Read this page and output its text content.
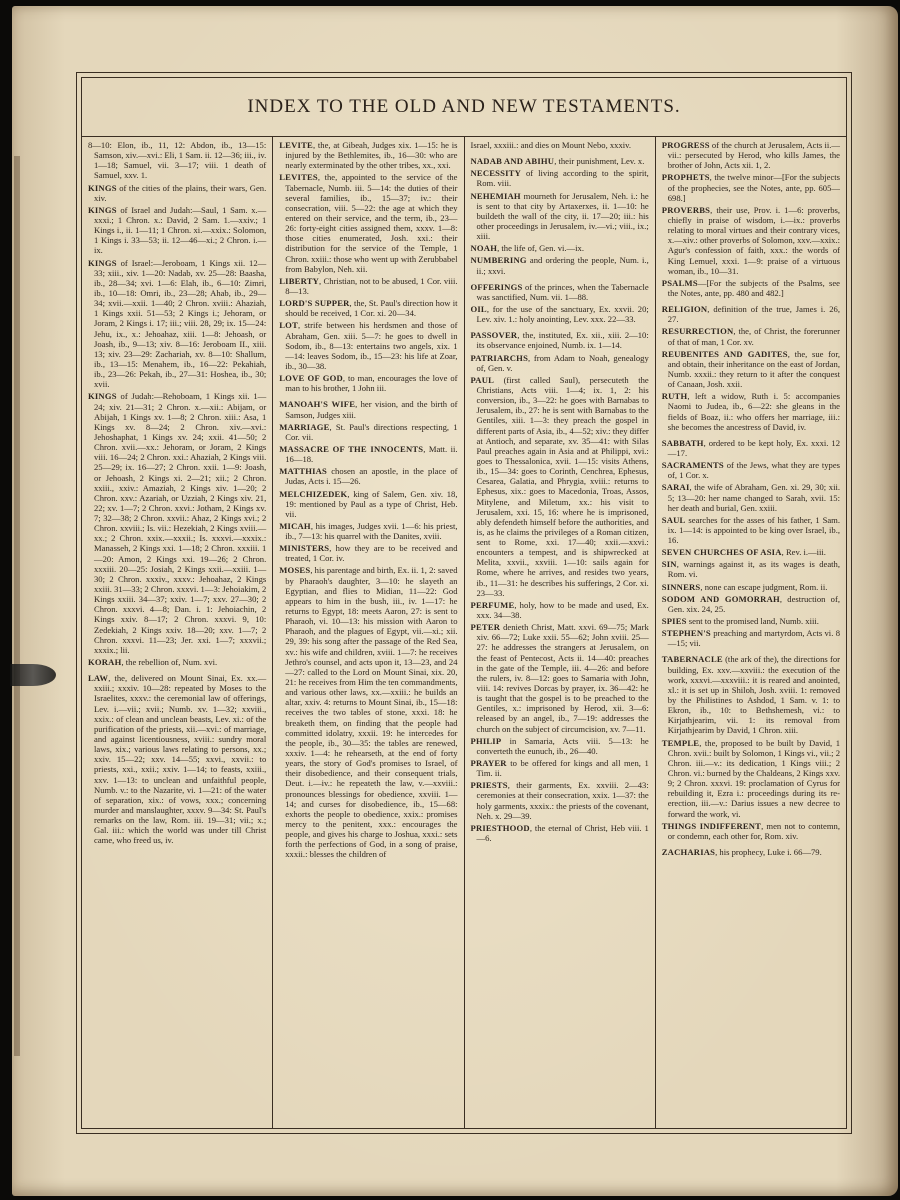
INDEX TO THE OLD AND NEW TESTAMENTS.

8—10: Elon, ib., 11, 12: Abdon, ib., 13—15: Samson, xiv.—xvi.: Eli, 1 Sam. ii. 12—36; iii., iv. 1—18; Samuel, vii. 3—17; viii. 1 death of Samuel, xxv. 1.

KINGS of the cities of the plains, their wars, Gen. xiv.

KINGS of Israel and Judah:—Saul, 1 Sam. x.—xxxi.; 1 Chron. x.: David, 2 Sam. 1.—xxiv.; 1 Kings i., ii. 1—11; 1 Chron. xi.—xxix.: Solomon, 1 Kings i. 33—53; ii. 12—46—xi.; 2 Chron. i.—ix.

KINGS of Israel:—Jeroboam, 1 Kings xii. 12—33; xiii., xiv. 1—20: Nadab, xv. 25—28: Baasha, ib., 28—34; xvi. 1—6: Elah, ib., 6—10: Zimri, ib., 10—18: Omri, ib., 23—28; Ahab, ib., 29—34; xvii.—xxii. 1—40; 2 Chron. xviii.: Ahaziah, 1 Kings xxii. 51—53; 2 Kings i.; Jehoram, or Joram, 2 Kings i. 17; iii.; viii. 28, 29; ix. 15—24: Jehu, ix., x.: Jehoahaz, xiii. 1—8: Jehoash, or Joash, ib., 9—13; xiv. 8—16: Jeroboam II., xiii. 13; xiv. 23—29: Zachariah, xv. 8—10: Shallum, ib., 13—15: Menahem, ib., 16—22: Pekahiah, ib., 23—26: Pekah, ib., 27—31: Hoshea, ib., 30; xvii.

KINGS of Judah:—Rehoboam, 1 Kings xii. 1—24; xiv. 21—31; 2 Chron. x.—xii.: Abijam, or Abijah, 1 Kings xv. 1—8; 2 Chron. xiii.: Asa, 1 Kings xv. 8—24; 2 Chron. xiv.—xvi.: Jehoshaphat, 1 Kings xv. 24; xxii. 41—50; 2 Chron. xvii.—xx.: Jehoram, or Joram, 2 Kings viii. 16—24; 2 Chron. xxi.: Ahaziah, 2 Kings viii. 25—29; ix. 16—27; 2 Chron. xxii. 1—9: Joash, or Jehoash, 2 Kings xi. 2—21; xii.; 2 Chron. xxiii., xxiv.: Amaziah, 2 Kings xiv. 1—20; 2 Chron. xxv.: Azariah, or Uzziah, 2 Kings xiv. 21, 22; xv. 1—7; 2 Chron. xxvi.: Jotham, 2 Kings xv. 7; 32—38; 2 Chron. xxvii.: Ahaz, 2 Kings xvi.; 2 Chron. xxviii.; Is. vii.: Hezekiah, 2 Kings xviii.—xx.; 2 Chron. xxix.—xxxii.; Is. xxxvi.—xxxix.: Manasseh, 2 Kings xxi. 1—18; 2 Chron. xxxiii. 1—20: Amon, 2 Kings xxi. 19—26; 2 Chron. xxxiii. 20—25: Josiah, 2 Kings xxii.—xxiii. 1—30; 2 Chron. xxxiv., xxxv.: Jehoahaz, 2 Kings xxiii. 31—33; 2 Chron. xxxvi. 1—3: Jehoiakim, 2 Kings xxiii. 34—37; xxiv. 1—7; xxv. 27—30; 2 Chron. xxxvi. 4—8; Dan. i. 1: Jehoiachin, 2 Kings xxiv. 8—17; 2 Chron. xxxvi. 9, 10: Zedekiah, 2 Kings xxiv. 18—20; xxv. 1—7; 2 Chron. xxxvi. 11—23; Jer. xxi. 1—7; xxxvii.; xxxix.; lii.

KORAH, the rebellion of, Num. xvi.

LAW, the, delivered on Mount Sinai, Ex. xx.—xxiii.; xxxiv. 10—28: repeated by Moses to the Israelites, xxxv.: the ceremonial law of offerings, Lev. i.—vii.; xvii.; Numb. xv. 1—32; xxviii., xxix.: of clean and unclean beasts, Lev. xi.: of the purification of the priests, xii.—xvi.: of marriage, and against licentiousness, xviii.: sundry moral laws, xix.; various laws relating to persons, xx.; xxiv. 15—22; xxv. 14—55; xxvi., xxvii.: to priests, xxi., xxii.; xxiv. 1—14; to feasts, xxiii., xxv. 1—13: to unclean and unfaithful people, Numb. v.: to the Nazarite, vi. 1—21: of the water of separation, xix.: of vows, xxx.; concerning murder and manslaughter, xxxv. 9—34: St. Paul's remarks on the law, Rom. iii. 19—31; vii.; x.; Gal. iii.: which the world was under till Christ came, who freed us, iv.

LEVITE, the, at Gibeah, Judges xix. 1—15: he is injured by the Bethlemites, ib., 16—30: who are nearly exterminated by the other tribes, xx., xxi.

LEVITES, the, appointed to the service of the Tabernacle, Numb. iii. 5—14: the duties of their several families, ib., 15—37; iv.: their consecration, viii. 5—22: the age at which they entered on their service, and the term, ib., 23—26: forty-eight cities assigned them, xxxv. 1—8: those cities enumerated, Josh. xxi.: their distribution for the service of the Temple, 1 Chron. xxiii.: those who went up with Zerubbabel from Babylon, Neh. xii.

LIBERTY, Christian, not to be abused, 1 Cor. viii. 8—13.

LORD'S SUPPER, the, St. Paul's direction how it should be received, 1 Cor. xi. 20—34.

LOT, strife between his herdsmen and those of Abraham, Gen. xiii. 5—7: he goes to dwell in Sodom, ib., 8—13: entertains two angels, xix. 1—14: leaves Sodom, ib., 15—23: his life at Zoar, ib., 30—38.

LOVE OF GOD, to man, encourages the love of man to his brother, 1 John iii.

MANOAH'S WIFE, her vision, and the birth of Samson, Judges xiii.

MARRIAGE, St. Paul's directions respecting, 1 Cor. vii.

MASSACRE OF THE INNOCENTS, Matt. ii. 16—18.

MATTHIAS chosen an apostle, in the place of Judas, Acts i. 15—26.

MELCHIZEDEK, king of Salem, Gen. xiv. 18, 19: mentioned by Paul as a type of Christ, Heb. vii.

MICAH, his images, Judges xvii. 1—6: his priest, ib., 7—13: his quarrel with the Danites, xviii.

MINISTERS, how they are to be received and treated, 1 Cor. iv.

MOSES, his parentage and birth, Ex. ii. 1, 2: saved by Pharaoh's daughter, 3—10: he slayeth an Egyptian, and flies to Midian, 11—22: God appears to him in the bush, iii., iv. 1—17: he returns to Egypt, 18: meets Aaron, 27: is sent to Pharaoh, vi. 10—13: his mission with Aaron to Pharaoh, and the plagues of Egypt, vii.—xi.; xii. 29, 39: his song after the passage of the Red Sea, xv.: his wife and children, xviii. 1—7: he receives Jethro's counsel, and acts upon it, 13—23, and 24—27: called to the Lord on Mount Sinai, xix. 20, 21: he receives from Him the ten commandments, and various other laws, xx.—xxiii.: he builds an altar, xxiv. 4: returns to Mount Sinai, ib., 15—18: receives the two tables of stone, xxxi. 18: he breaketh them, on finding that the people had committed idolatry, xxxii. 19: he intercedes for the people, ib., 30—35: the tables are renewed, xxxiv. 1—4: he rehearseth, at the end of forty years, the story of God's promises to Israel, of their disobedience, and their consequent trials, Deut. i.—iv.: he repeateth the law, v.—xxviii.: pronounces blessings for obedience, xxviii. 1—14; and curses for disobedience, ib., 15—68: exhorts the people to obedience, xxix.: promises mercy to the penitent, xxx.: encourages the people, and gives his charge to Joshua, xxxi.: sets forth the perfections of God, in a song of praise, xxxii.: blesses the children of

Israel, xxxiii.: and dies on Mount Nebo, xxxiv.

NADAB AND ABIHU, their punishment, Lev. x.

NECESSITY of living according to the spirit, Rom. viii.

NEHEMIAH mourneth for Jerusalem, Neh. i.: he is sent to that city by Artaxerxes, ii. 1—10: he buildeth the wall of the city, ii. 17—20; iii.: his other proceedings in Jerusalem, iv.—vi.; viii., ix.; xiii.

NOAH, the life of, Gen. vi.—ix.

NUMBERING and ordering the people, Num. i., ii.; xxvi.

OFFERINGS of the princes, when the Tabernacle was sanctified, Num. vii. 1—88.

OIL, for the use of the sanctuary, Ex. xxvii. 20; Lev. xiv. 1.: holy anointing, Lev. xxx. 22—33.

PASSOVER, the, instituted, Ex. xii., xiii. 2—10: its observance enjoined, Numb. ix. 1—14.

PATRIARCHS, from Adam to Noah, genealogy of, Gen. v.

PAUL (first called Saul), persecuteth the Christians, Acts viii. 1—4; ix. 1, 2: his conversion, ib., 3—22: he goes with Barnabas to Jerusalem, ib., 27: he is sent with Barnabas to the Gentiles, xiii. 1—3: they preach the gospel in different parts of Asia, ib., 4—52; xiv.: they differ at Antioch, and separate, xv. 35—41: with Silas Paul preaches again in Asia and at Philippi, xvi.: goes to Thessalonica, xvii. 1—15: visits Athens, ib., 15—34: goes to Corinth, Cenchrea, Ephesus, Cesarea, Galatia, and Phrygia, xviii.: returns to Ephesus, xix.: goes to Macedonia, Troas, Assos, Mitylene, and Miletum, xx.: his visit to Jerusalem, xxi. 15, 16: where he is imprisoned, ably defendeth himself before the authorities, and is, as he claims the privileges of a Roman citizen, sent to Rome, xxi. 17—40; xxii.—xxvi.: encounters a tempest, and is shipwrecked at Melita, xxvii., xxviii. 1—10: sails again for Rome, where he arrives, and resides two years, ib., 11—31: he describes his sufferings, 2 Cor. xi. 23—33.

PERFUME, holy, how to be made and used, Ex. xxx. 34—38.

PETER denieth Christ, Matt. xxvi. 69—75; Mark xiv. 66—72; Luke xxii. 55—62; John xviii. 25—27: he addresses the strangers at Jerusalem, on the feast of Pentecost, Acts ii. 14—40: preaches in the gate of the Temple, iii. 4—26: and before the rulers, iv. 8—12: goes to Samaria with John, viii. 14: revives Dorcas by prayer, ix. 36—42: he is taught that the gospel is to be preached to the Gentiles, x.: imprisoned by Herod, xii. 3—6: released by an angel, ib., 7—19: addresses the church on the subject of circumcision, xv. 7—11.

PHILIP in Samaria, Acts viii. 5—13: he converteth the eunuch, ib., 26—40.

PRAYER to be offered for kings and all men, 1 Tim. ii.

PRIESTS, their garments, Ex. xxviii. 2—43: ceremonies at their consecration, xxix. 1—37: the holy garments, xxxix.: the priests of the covenant, Neh. x. 29—39.

PRIESTHOOD, the eternal of Christ, Heb viii. 1—6.

PROGRESS of the church at Jerusalem, Acts ii.—vii.: persecuted by Herod, who kills James, the brother of John, Acts xii. 1, 2.

PROPHETS, the twelve minor—[For the subjects of the prophecies, see the Notes, ante, pp. 605—698.]

PROVERBS, their use, Prov. i. 1—6: proverbs, chiefly in praise of wisdom, i.—ix.: proverbs relating to moral virtues and their contrary vices, x.—xiv.: other proverbs of Solomon, xxv.—xxix.: Agur's confession of faith, xxx.: the words of King Lemuel, xxxi. 1—9: praise of a virtuous woman, ib., 10—31.

PSALMS—[For the subjects of the Psalms, see the Notes, ante, pp. 480 and 482.]

RELIGION, definition of the true, James i. 26, 27.

RESURRECTION, the, of Christ, the forerunner of that of man, 1 Cor. xv.

REUBENITES AND GADITES, the, sue for, and obtain, their inheritance on the east of Jordan, Numb. xxxii.: they return to it after the conquest of Canaan, Josh. xxii.

RUTH, left a widow, Ruth i. 5: accompanies Naomi to Judea, ib., 6—22: she gleans in the fields of Boaz, ii.: who offers her marriage, iii.: she becomes the ancestress of David, iv.

SABBATH, ordered to be kept holy, Ex. xxxi. 12—17.

SACRAMENTS of the Jews, what they are types of, 1 Cor. x.

SARAI, the wife of Abraham, Gen. xi. 29, 30; xii. 5; 13—20: her name changed to Sarah, xvii. 15: her death and burial, Gen. xxiii.

SAUL searches for the asses of his father, 1 Sam. ix. 1—14: is appointed to be king over Israel, ib., 16.

SEVEN CHURCHES OF ASIA, Rev. i.—iii.

SIN, warnings against it, as its wages is death, Rom. vi.

SINNERS, none can escape judgment, Rom. ii.

SODOM AND GOMORRAH, destruction of, Gen. xix. 24, 25.

SPIES sent to the promised land, Numb. xiii.

STEPHEN'S preaching and martyrdom, Acts vi. 8—15; vii.

TABERNACLE (the ark of the), the directions for building, Ex. xxv.—xxviii.: the execution of the work, xxxvi.—xxxviii.: it is reared and anointed, xl.: it is set up in Shiloh, Josh. xviii. 1: removed by the Philistines to Ashdod, 1 Sam. v. 1: to Ekron, ib., 10: to Bethshemesh, vi.: to Kirjathjearim, vii. 1: its removal from Kirjathjearim by David, 1 Chron. xiii.

TEMPLE, the, proposed to be built by David, 1 Chron. xvii.: built by Solomon, 1 Kings vi., vii.; 2 Chron. iii.—v.: its dedication, 1 Kings viii.; 2 Chron. vi.: burned by the Chaldeans, 2 Kings xxv. 9; 2 Chron. xxxvi. 19: proclamation of Cyrus for rebuilding it, Ezra i.: proceedings during its re-erection, iii.—v.: Darius issues a new decree to forward the work, vi.

THINGS INDIFFERENT, men not to contemn, or condemn, each other for, Rom. xiv.

ZACHARIAS, his prophecy, Luke i. 66—79.
